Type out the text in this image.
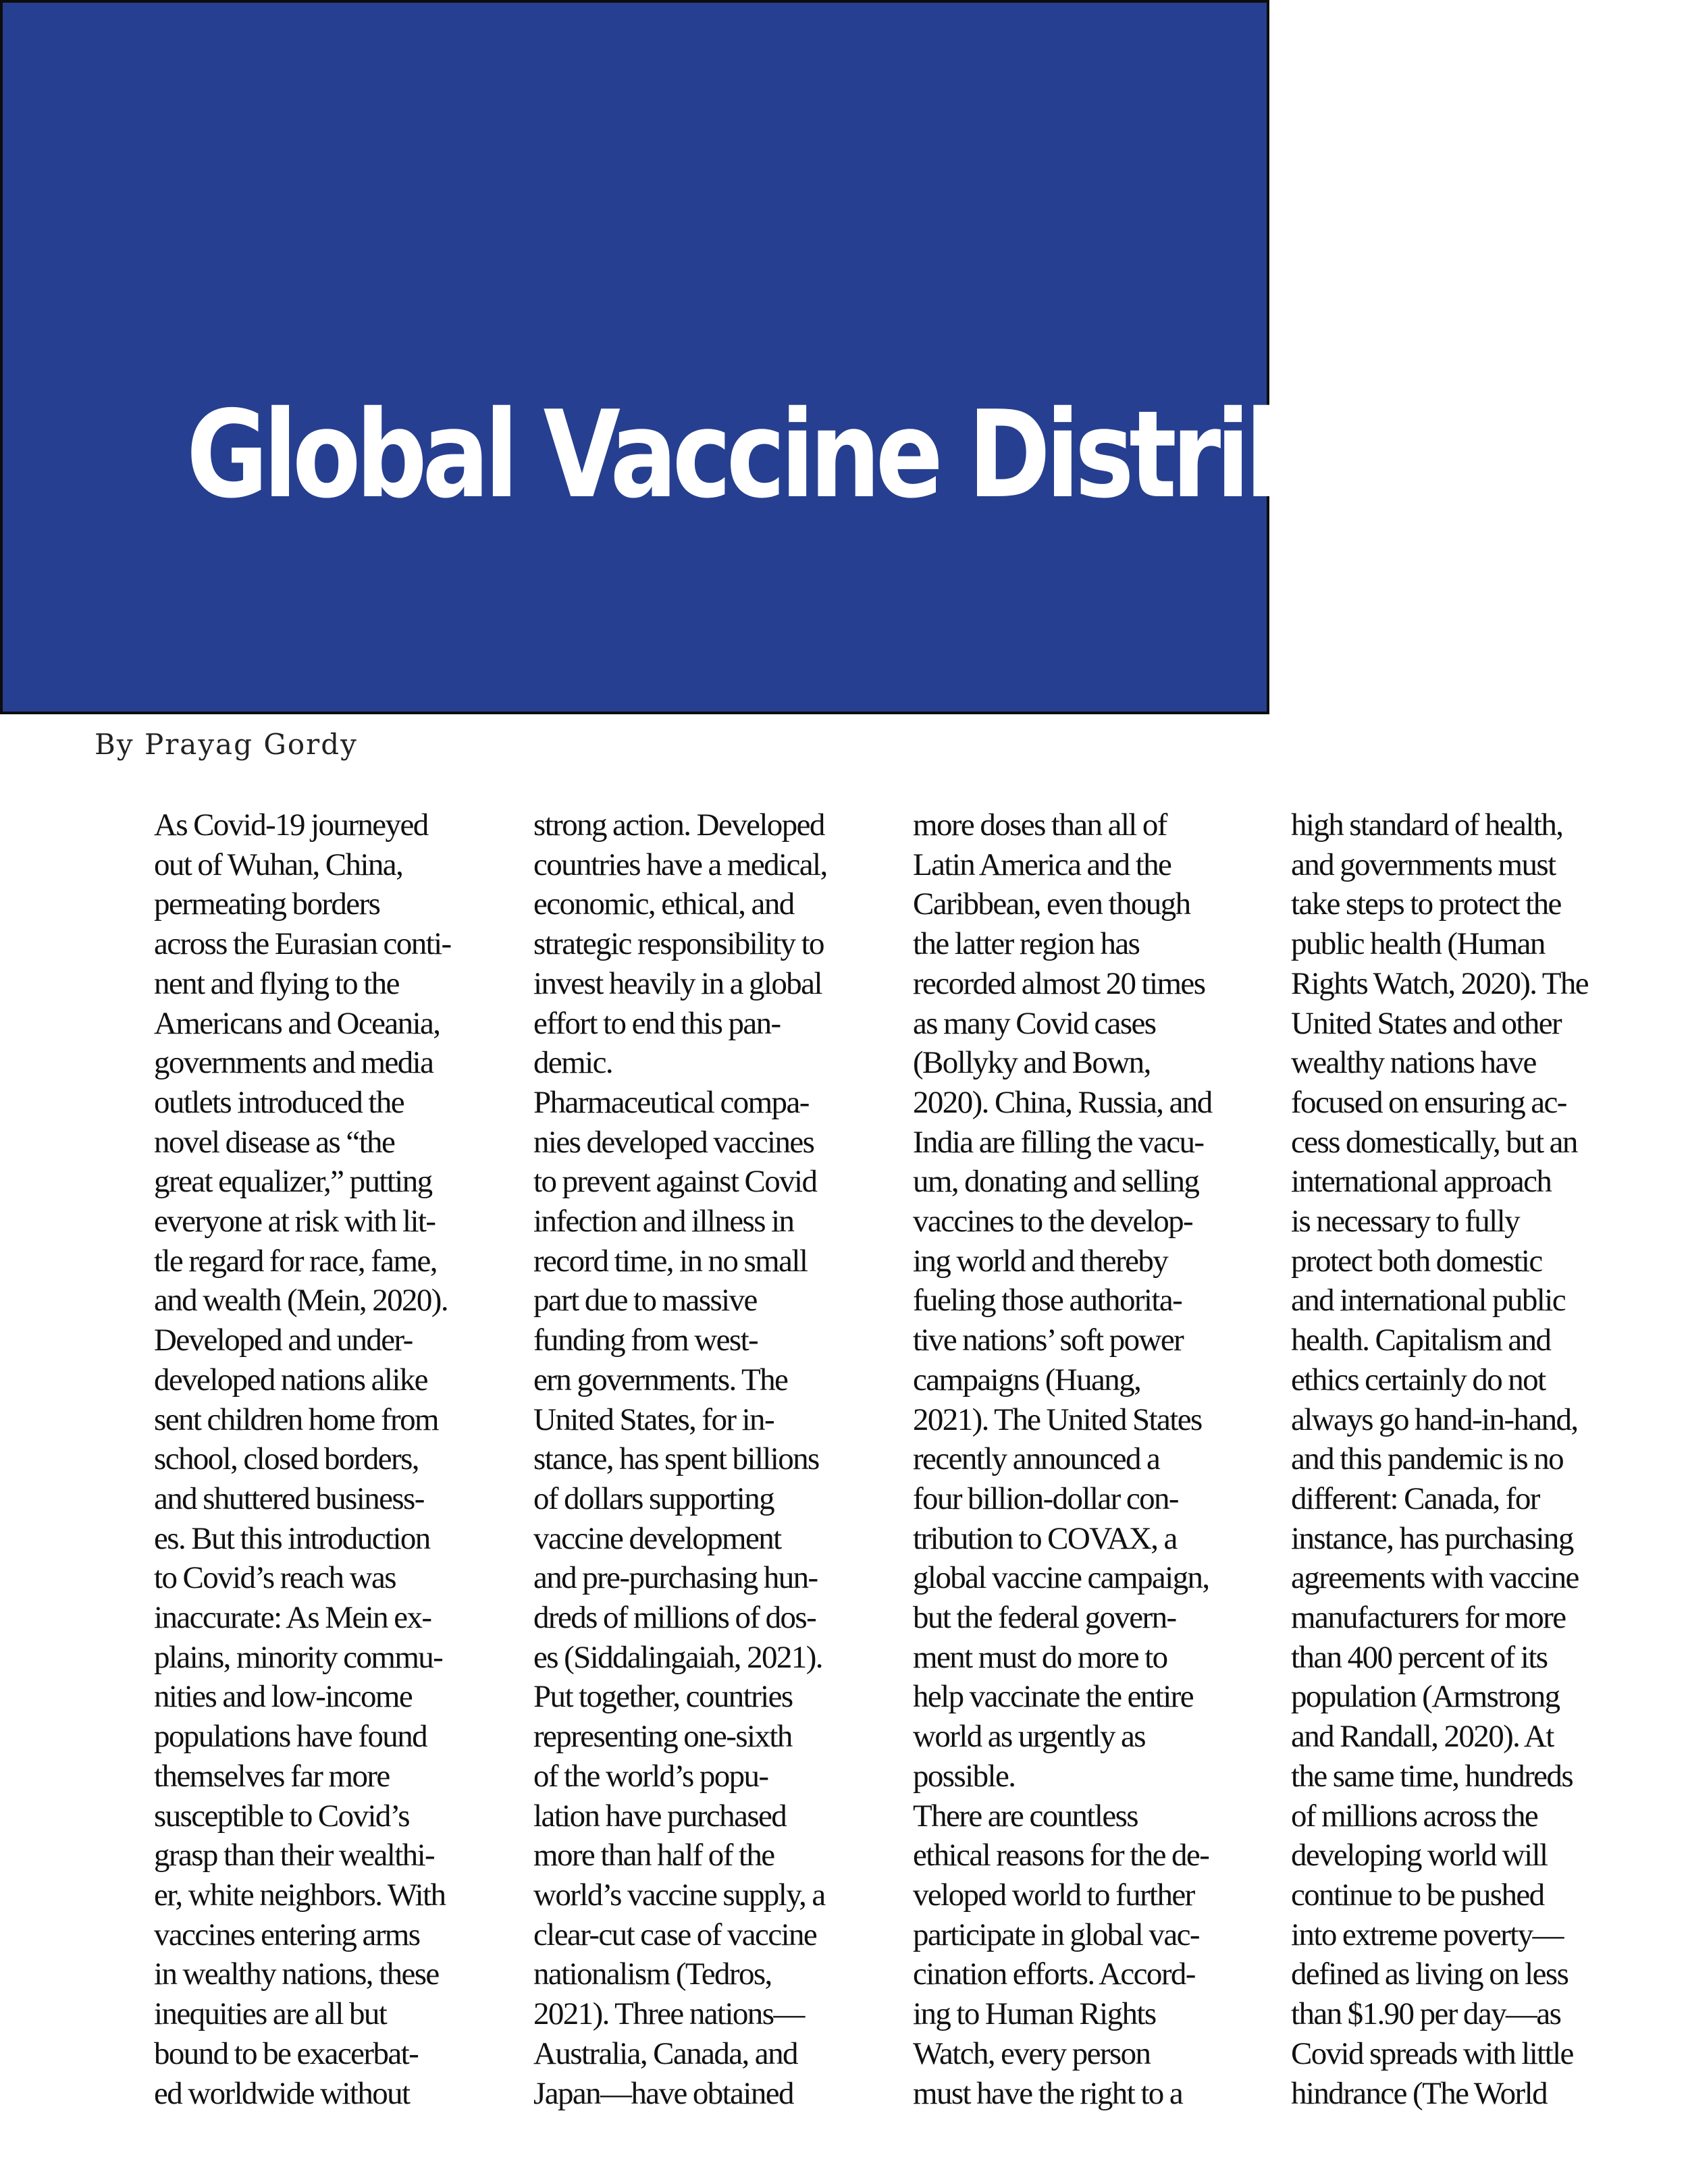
Global Vaccine Distribution
By Prayag Gordy
As Covid-19 journeyed
out of Wuhan, China,
permeating borders
across the Eurasian conti-
nent and flying to the
Americans and Oceania,
governments and media
outlets introduced the
novel disease as “the
great equalizer,” putting
everyone at risk with lit-
tle regard for race, fame,
and wealth (Mein, 2020).
Developed and under-
developed nations alike
sent children home from
school, closed borders,
and shuttered business-
es. But this introduction
to Covid’s reach was
inaccurate: As Mein ex-
plains, minority commu-
nities and low-income
populations have found
themselves far more
susceptible to Covid’s
grasp than their wealthi-
er, white neighbors. With
vaccines entering arms
in wealthy nations, these
inequities are all but
bound to be exacerbat-
ed worldwide without
strong action. Developed
countries have a medical,
economic, ethical, and
strategic responsibility to
invest heavily in a global
effort to end this pan-
demic.
Pharmaceutical compa-
nies developed vaccines
to prevent against Covid
infection and illness in
record time, in no small
part due to massive
funding from west-
ern governments. The
United States, for in-
stance, has spent billions
of dollars supporting
vaccine development
and pre-purchasing hun-
dreds of millions of dos-
es (Siddalingaiah, 2021).
Put together, countries
representing one-sixth
of the world’s popu-
lation have purchased
more than half of the
world’s vaccine supply, a
clear-cut case of vaccine
nationalism (Tedros,
2021). Three nations—
Australia, Canada, and
Japan—have obtained
more doses than all of
Latin America and the
Caribbean, even though
the latter region has
recorded almost 20 times
as many Covid cases
(Bollyky and Bown,
2020). China, Russia, and
India are filling the vacu-
um, donating and selling
vaccines to the develop-
ing world and thereby
fueling those authorita-
tive nations’ soft power
campaigns (Huang,
2021). The United States
recently announced a
four billion-dollar con-
tribution to COVAX, a
global vaccine campaign,
but the federal govern-
ment must do more to
help vaccinate the entire
world as urgently as
possible.
There are countless
ethical reasons for the de-
veloped world to further
participate in global vac-
cination efforts. Accord-
ing to Human Rights
Watch, every person
must have the right to a
high standard of health,
and governments must
take steps to protect the
public health (Human
Rights Watch, 2020). The
United States and other
wealthy nations have
focused on ensuring ac-
cess domestically, but an
international approach
is necessary to fully
protect both domestic
and international public
health. Capitalism and
ethics certainly do not
always go hand-in-hand,
and this pandemic is no
different: Canada, for
instance, has purchasing
agreements with vaccine
manufacturers for more
than 400 percent of its
population (Armstrong
and Randall, 2020). At
the same time, hundreds
of millions across the
developing world will
continue to be pushed
into extreme poverty—
defined as living on less
than $1.90 per day—as
Covid spreads with little
hindrance (The World
